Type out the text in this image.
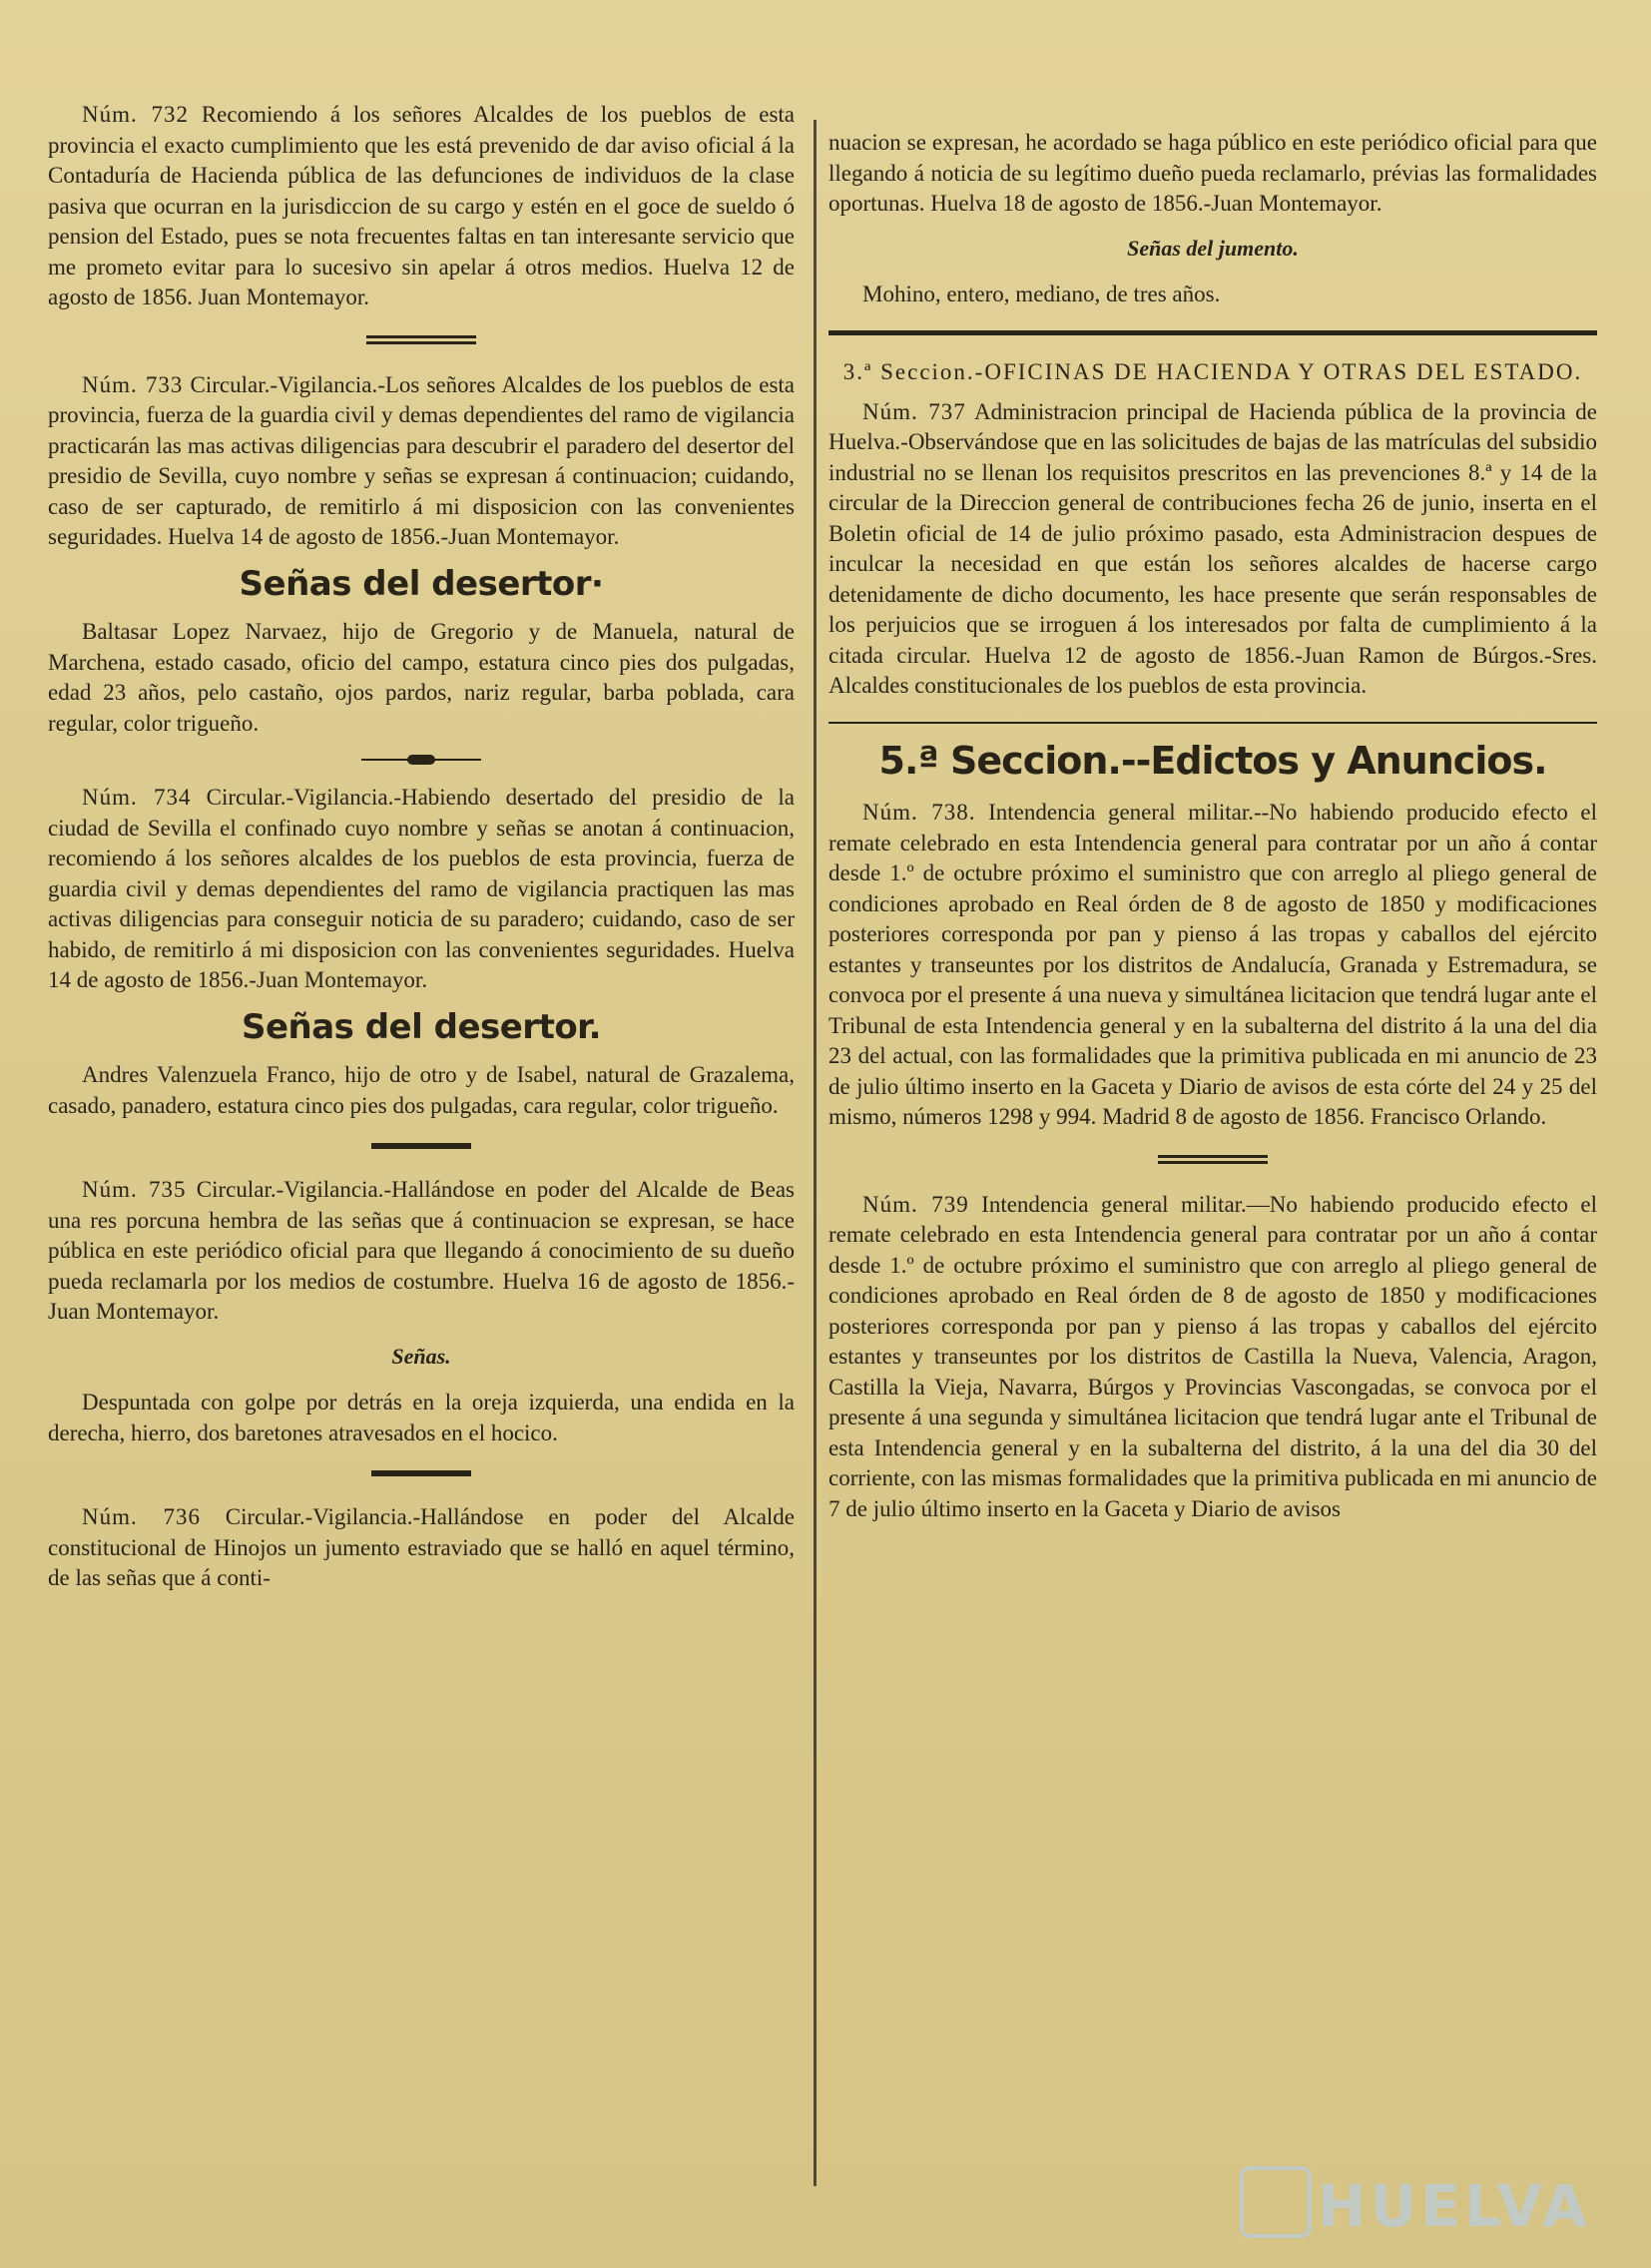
Núm. 732 Recomiendo á los señores Alcaldes de los pueblos de esta provincia el exacto cumplimiento que les está prevenido de dar aviso oficial á la Contaduría de Hacienda pública de las defunciones de individuos de la clase pasiva que ocurran en la jurisdiccion de su cargo y estén en el goce de sueldo ó pension del Estado, pues se nota frecuentes faltas en tan interesante servicio que me prometo evitar para lo sucesivo sin apelar á otros medios. Huelva 12 de agosto de 1856. Juan Montemayor.

Núm. 733 Circular.-Vigilancia.-Los señores Alcaldes de los pueblos de esta provincia, fuerza de la guardia civil y demas dependientes del ramo de vigilancia practicarán las mas activas diligencias para descubrir el paradero del desertor del presidio de Sevilla, cuyo nombre y señas se expresan á continuacion; cuidando, caso de ser capturado, de remitirlo á mi disposicion con las convenientes seguridades. Huelva 14 de agosto de 1856.-Juan Montemayor.

Señas del desertor·

Baltasar Lopez Narvaez, hijo de Gregorio y de Manuela, natural de Marchena, estado casado, oficio del campo, estatura cinco pies dos pulgadas, edad 23 años, pelo castaño, ojos pardos, nariz regular, barba poblada, cara regular, color trigueño.

Núm. 734 Circular.-Vigilancia.-Habiendo desertado del presidio de la ciudad de Sevilla el confinado cuyo nombre y señas se anotan á continuacion, recomiendo á los señores alcaldes de los pueblos de esta provincia, fuerza de guardia civil y demas dependientes del ramo de vigilancia practiquen las mas activas diligencias para conseguir noticia de su paradero; cuidando, caso de ser habido, de remitirlo á mi disposicion con las convenientes seguridades. Huelva 14 de agosto de 1856.-Juan Montemayor.

Señas del desertor.

Andres Valenzuela Franco, hijo de otro y de Isabel, natural de Grazalema, casado, panadero, estatura cinco pies dos pulgadas, cara regular, color trigueño.

Núm. 735 Circular.-Vigilancia.-Hallándose en poder del Alcalde de Beas una res porcuna hembra de las señas que á continuacion se expresan, se hace pública en este periódico oficial para que llegando á conocimiento de su dueño pueda reclamarla por los medios de costumbre. Huelva 16 de agosto de 1856.-Juan Montemayor.

Señas.

Despuntada con golpe por detrás en la oreja izquierda, una endida en la derecha, hierro, dos baretones atravesados en el hocico.

Núm. 736 Circular.-Vigilancia.-Hallándose en poder del Alcalde constitucional de Hinojos un jumento estraviado que se halló en aquel término, de las señas que á conti-

nuacion se expresan, he acordado se haga público en este periódico oficial para que llegando á noticia de su legítimo dueño pueda reclamarlo, prévias las formalidades oportunas. Huelva 18 de agosto de 1856.-Juan Montemayor.

Señas del jumento.

Mohino, entero, mediano, de tres años.

3.ª Seccion.-OFICINAS DE HACIENDA Y OTRAS DEL ESTADO.

Núm. 737 Administracion principal de Hacienda pública de la provincia de Huelva.-Observándose que en las solicitudes de bajas de las matrículas del subsidio industrial no se llenan los requisitos prescritos en las prevenciones 8.ª y 14 de la circular de la Direccion general de contribuciones fecha 26 de junio, inserta en el Boletin oficial de 14 de julio próximo pasado, esta Administracion despues de inculcar la necesidad en que están los señores alcaldes de hacerse cargo detenidamente de dicho documento, les hace presente que serán responsables de los perjuicios que se irroguen á los interesados por falta de cumplimiento á la citada circular. Huelva 12 de agosto de 1856.-Juan Ramon de Búrgos.-Sres. Alcaldes constitucionales de los pueblos de esta provincia.

5.ª Seccion.--Edictos y Anuncios.

Núm. 738. Intendencia general militar.--No habiendo producido efecto el remate celebrado en esta Intendencia general para contratar por un año á contar desde 1.º de octubre próximo el suministro que con arreglo al pliego general de condiciones aprobado en Real órden de 8 de agosto de 1850 y modificaciones posteriores corresponda por pan y pienso á las tropas y caballos del ejército estantes y transeuntes por los distritos de Andalucía, Granada y Estremadura, se convoca por el presente á una nueva y simultánea licitacion que tendrá lugar ante el Tribunal de esta Intendencia general y en la subalterna del distrito á la una del dia 23 del actual, con las formalidades que la primitiva publicada en mi anuncio de 23 de julio último inserto en la Gaceta y Diario de avisos de esta córte del 24 y 25 del mismo, números 1298 y 994. Madrid 8 de agosto de 1856. Francisco Orlando.

Núm. 739 Intendencia general militar.—No habiendo producido efecto el remate celebrado en esta Intendencia general para contratar por un año á contar desde 1.º de octubre próximo el suministro que con arreglo al pliego general de condiciones aprobado en Real órden de 8 de agosto de 1850 y modificaciones posteriores corresponda por pan y pienso á las tropas y caballos del ejército estantes y transeuntes por los distritos de Castilla la Nueva, Valencia, Aragon, Castilla la Vieja, Navarra, Búrgos y Provincias Vascongadas, se convoca por el presente á una segunda y simultánea licitacion que tendrá lugar ante el Tribunal de esta Intendencia general y en la subalterna del distrito, á la una del dia 30 del corriente, con las mismas formalidades que la primitiva publicada en mi anuncio de 7 de julio último inserto en la Gaceta y Diario de avisos

HUELVA
